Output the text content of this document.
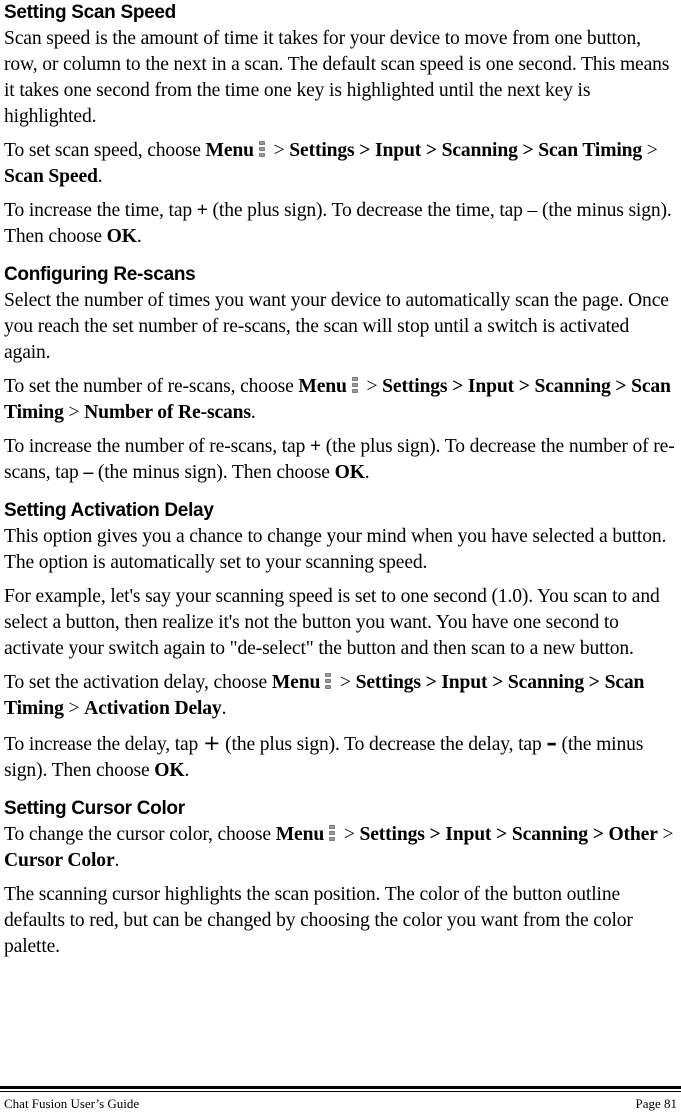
Setting Scan Speed

Scan speed is the amount of time it takes for your device to move from one button, row, or column to the next in a scan. The default scan speed is one second. This means it takes one second from the time one key is highlighted until the next key is highlighted.

To set scan speed, choose Menu
> Settings > Input > Scanning > Scan Timing > Scan Speed.

To increase the time, tap + (the plus sign). To decrease the time, tap – (the minus sign). Then choose OK.

Configuring Re-scans

Select the number of times you want your device to automatically scan the page. Once you reach the set number of re-scans, the scan will stop until a switch is activated again.

To set the number of re-scans, choose Menu
> Settings > Input > Scanning > Scan Timing > Number of Re-scans.

To increase the number of re-scans, tap + (the plus sign). To decrease the number of re-scans, tap – (the minus sign). Then choose OK.

Setting Activation Delay

This option gives you a chance to change your mind when you have selected a button. The option is automatically set to your scanning speed.

For example, let's say your scanning speed is set to one second (1.0). You scan to and select a button, then realize it's not the button you want. You have one second to activate your switch again to "de-select" the button and then scan to a new button.

To set the activation delay, choose Menu
> Settings > Input > Scanning > Scan Timing > Activation Delay.

To increase the delay, tap + (the plus sign). To decrease the delay, tap – (the minus sign). Then choose OK.

Setting Cursor Color

To change the cursor color, choose Menu
> Settings > Input > Scanning > Other > Cursor Color.

The scanning cursor highlights the scan position. The color of the button outline defaults to red, but can be changed by choosing the color you want from the color palette.

Chat Fusion User’s Guide	Page 81
